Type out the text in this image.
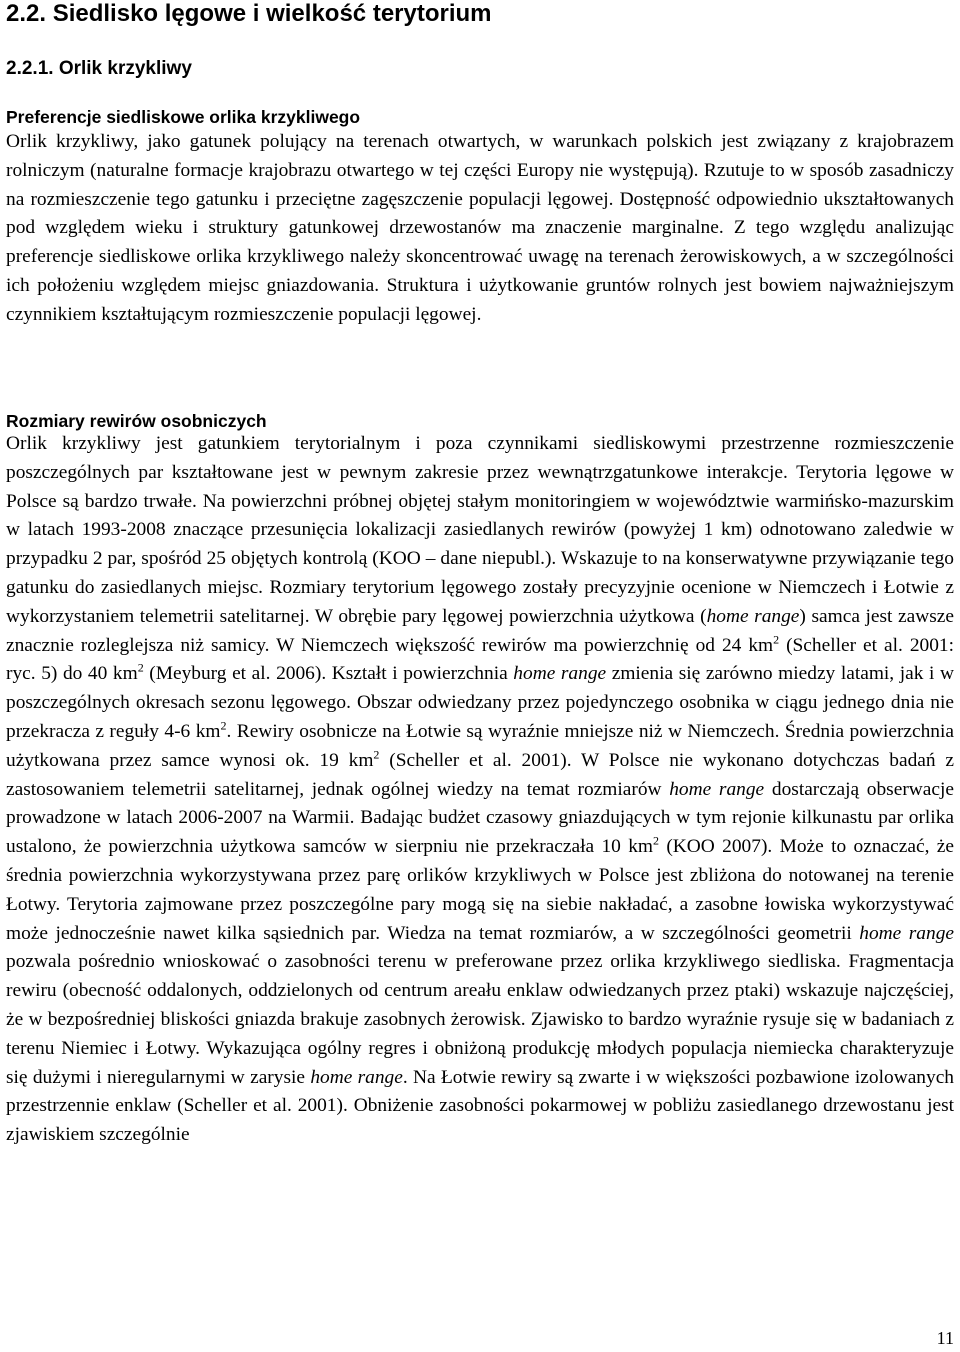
2.2. Siedlisko lęgowe i wielkość terytorium
2.2.1. Orlik krzykliwy
Preferencje siedliskowe orlika krzykliwego

Orlik krzykliwy, jako gatunek polujący na terenach otwartych, w warunkach polskich jest związany z krajobrazem rolniczym (naturalne formacje krajobrazu otwartego w tej części Europy nie występują). Rzutuje to w sposób zasadniczy na rozmieszczenie tego gatunku i przeciętne zagęszczenie populacji lęgowej. Dostępność odpowiednio ukształtowanych pod względem wieku i struktury gatunkowej drzewostanów ma znaczenie marginalne. Z tego względu analizując preferencje siedliskowe orlika krzykliwego należy skoncentrować uwagę na terenach żerowiskowych, a w szczególności ich położeniu względem miejsc gniazdowania. Struktura i użytkowanie gruntów rolnych jest bowiem najważniejszym czynnikiem kształtującym rozmieszczenie populacji lęgowej.

Rozmiary rewirów osobniczych

Orlik krzykliwy jest gatunkiem terytorialnym i poza czynnikami siedliskowymi przestrzenne rozmieszczenie poszczególnych par kształtowane jest w pewnym zakresie przez wewnątrzgatunkowe interakcje. Terytoria lęgowe w Polsce są bardzo trwałe. Na powierzchni próbnej objętej stałym monitoringiem w województwie warmińsko-mazurskim w latach 1993-2008 znaczące przesunięcia lokalizacji zasiedlanych rewirów (powyżej 1 km) odnotowano zaledwie w przypadku 2 par, spośród 25 objętych kontrolą (KOO – dane niepubl.). Wskazuje to na konserwatywne przywiązanie tego gatunku do zasiedlanych miejsc. Rozmiary terytorium lęgowego zostały precyzyjnie ocenione w Niemczech i Łotwie z wykorzystaniem telemetrii satelitarnej. W obrębie pary lęgowej powierzchnia użytkowa (home range) samca jest zawsze znacznie rozleglejsza niż samicy. W Niemczech większość rewirów ma powierzchnię od 24 $km^2$ (Scheller et al. 2001: ryc. 5) do 40 $km^2$ (Meyburg et al. 2006). Kształt i powierzchnia home range zmienia się zarówno miedzy latami, jak i w poszczególnych okresach sezonu lęgowego. Obszar odwiedzany przez pojedynczego osobnika w ciągu jednego dnia nie przekracza z reguły 4-6 $km^2$. Rewiry osobnicze na Łotwie są wyraźnie mniejsze niż w Niemczech. Średnia powierzchnia użytkowana przez samce wynosi ok. 19 $km^2$ (Scheller et al. 2001). W Polsce nie wykonano dotychczas badań z zastosowaniem telemetrii satelitarnej, jednak ogólnej wiedzy na temat rozmiarów home range dostarczają obserwacje prowadzone w latach 2006-2007 na Warmii. Badając budżet czasowy gniazdujących w tym rejonie kilkunastu par orlika ustalono, że powierzchnia użytkowa samców w sierpniu nie przekraczała 10 $km^2$ (KOO 2007). Może to oznaczać, że średnia powierzchnia wykorzystywana przez parę orlików krzykliwych w Polsce jest zbliżona do notowanej na terenie Łotwy. Terytoria zajmowane przez poszczególne pary mogą się na siebie nakładać, a zasobne łowiska wykorzystywać może jednocześnie nawet kilka sąsiednich par. Wiedza na temat rozmiarów, a w szczególności geometrii home range pozwala pośrednio wnioskować o zasobności terenu w preferowane przez orlika krzykliwego siedliska. Fragmentacja rewiru (obecność oddalonych, oddzielonych od centrum areału enklaw odwiedzanych przez ptaki) wskazuje najczęściej, że w bezpośredniej bliskości gniazda brakuje zasobnych żerowisk. Zjawisko to bardzo wyraźnie rysuje się w badaniach z terenu Niemiec i Łotwy. Wykazująca ogólny regres i obniżoną produkcję młodych populacja niemiecka charakteryzuje się dużymi i nieregularnymi w zarysie home range. Na Łotwie rewiry są zwarte i w większości pozbawione izolowanych przestrzennie enklaw (Scheller et al. 2001). Obniżenie zasobności pokarmowej w pobliżu zasiedlanego drzewostanu jest zjawiskiem szczególnie

11
